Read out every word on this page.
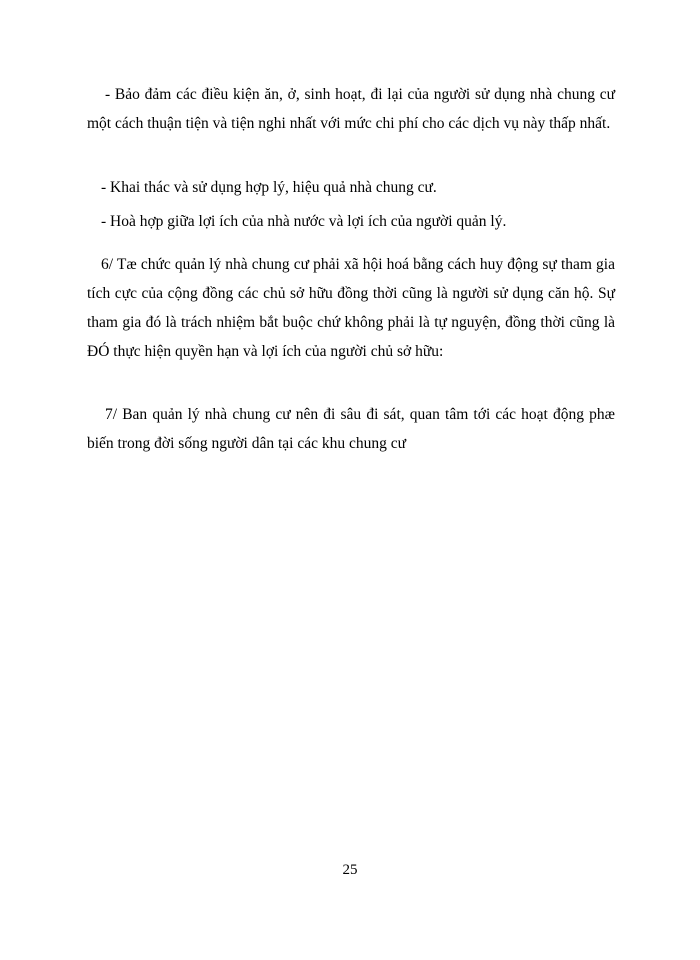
- Bảo đảm các điều kiện ăn, ở, sinh hoạt, đi lại của người sử dụng nhà chung cư một cách thuận tiện và tiện nghi nhất với mức chi phí cho các dịch vụ này thấp nhất.

- Khai thác và sử dụng hợp lý, hiệu quả nhà chung cư.

- Hoà hợp giữa lợi ích của nhà nước và lợi ích của người quản lý.

6/ Tæ chức quản lý nhà chung cư phải xã hội hoá bằng cách huy động sự tham gia tích cực của cộng đồng các chủ sở hữu đồng thời cũng là người sử dụng căn hộ. Sự tham gia đó là trách nhiệm bắt buộc chứ không phải là tự nguyện, đồng thời cũng là ĐÓ thực hiện quyền hạn và lợi ích của người chủ sở hữu:

7/ Ban quản lý nhà chung cư nên đi sâu đi sát, quan tâm tới các hoạt động phæ biến trong đời sống người dân tại các khu chung cư

25
